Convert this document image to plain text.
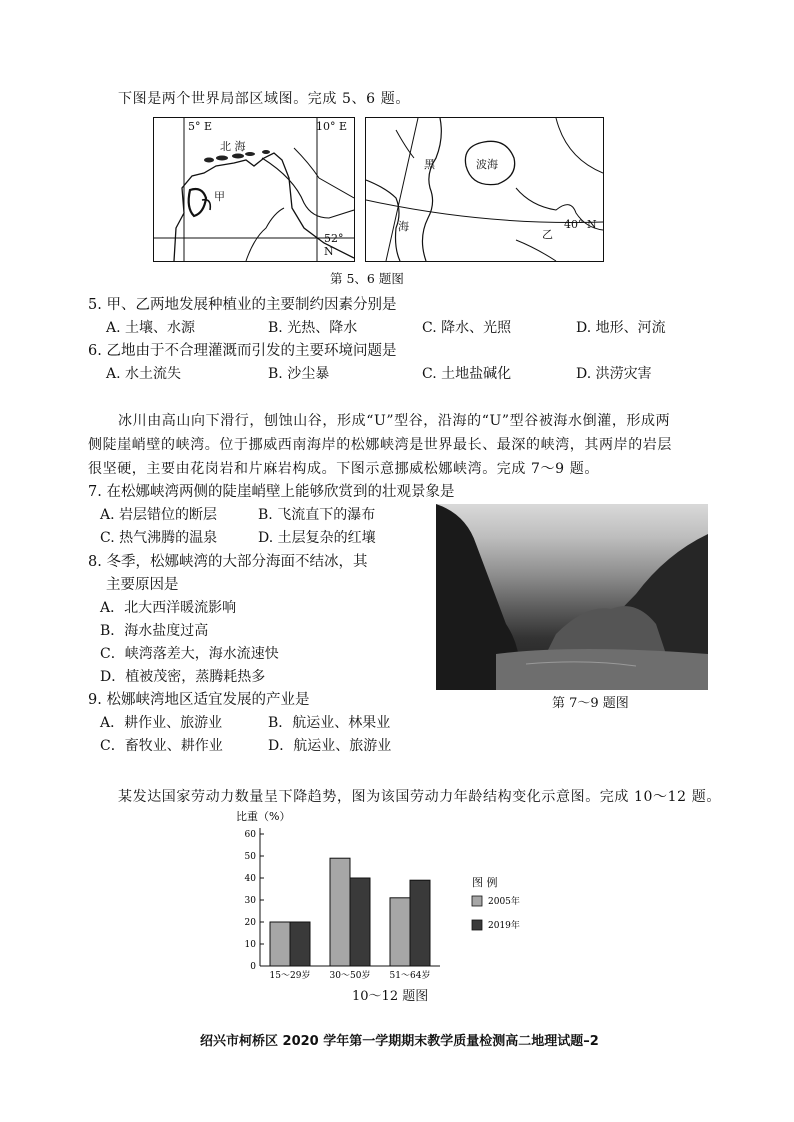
下图是两个世界局部区域图。完成 5、6 题。
5° E	10° E
北 海
甲
52° N
黑
海
波海
乙
40° N
第 5、6 题图
5. 甲、乙两地发展种植业的主要制约因素分别是
A. 土壤、水源	B. 光热、降水	C. 降水、光照	D. 地形、河流
6. 乙地由于不合理灌溉而引发的主要环境问题是
A. 水土流失	B. 沙尘暴	C. 土地盐碱化	D. 洪涝灾害
冰川由高山向下滑行，刨蚀山谷，形成“U”型谷，沿海的“U”型谷被海水倒灌，形成两
侧陡崖峭壁的峡湾。位于挪威西南海岸的松娜峡湾是世界最长、最深的峡湾，其两岸的岩层
很坚硬，主要由花岗岩和片麻岩构成。下图示意挪威松娜峡湾。完成 7～9 题。
7. 在松娜峡湾两侧的陡崖峭壁上能够欣赏到的壮观景象是
A. 岩层错位的断层	B. 飞流直下的瀑布
C. 热气沸腾的温泉	D. 土层复杂的红壤
第 7～9 题图
8. 冬季，松娜峡湾的大部分海面不结冰，其
主要原因是
A．北大西洋暖流影响
B．海水盐度过高
C．峡湾落差大，海水流速快
D．植被茂密，蒸腾耗热多
9. 松娜峡湾地区适宜发展的产业是
A．耕作业、旅游业	B．航运业、林果业
C．畜牧业、耕作业	D．航运业、旅游业
某发达国家劳动力数量呈下降趋势，图为该国劳动力年龄结构变化示意图。完成 10～12 题。
比重（%）
0
10
20
30
40
50
60
15～29岁 30～50岁 51～64岁
图 例
2005年
2019年
10～12 题图
绍兴市柯桥区 2020 学年第一学期期末教学质量检测高二地理试题–2
